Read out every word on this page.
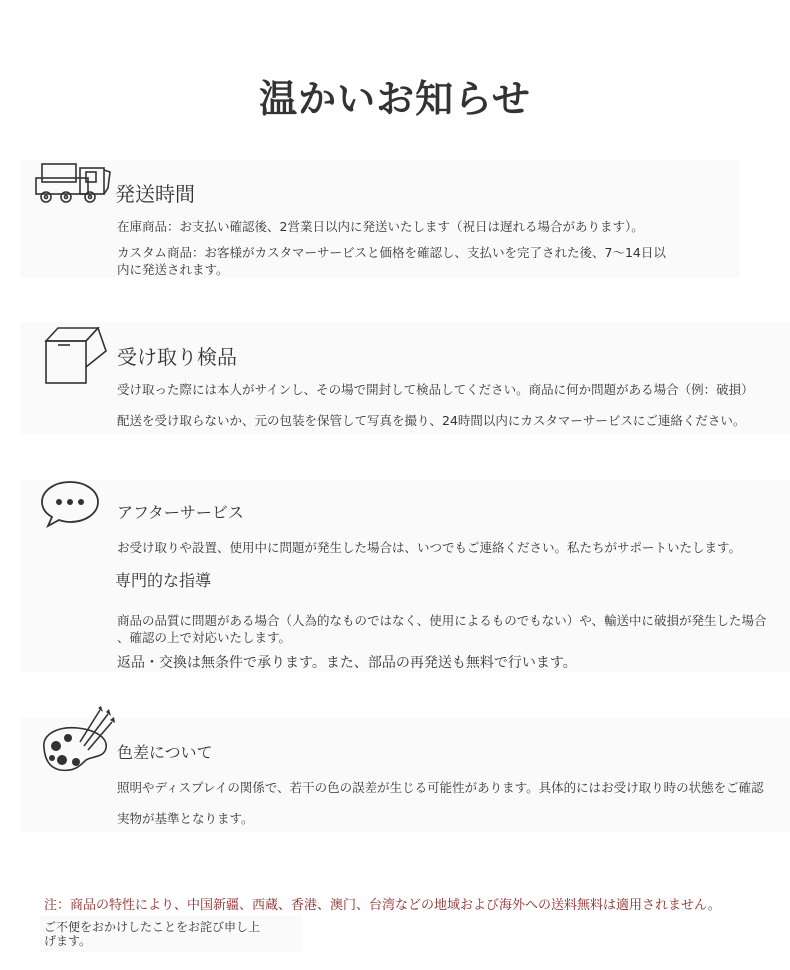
温かいお知らせ
発送時間
在庫商品：お支払い確認後、2営業日以内に発送いたします（祝日は遅れる場合があります）。
カスタム商品：お客様がカスタマーサービスと価格を確認し、支払いを完了された後、7〜14日以
内に発送されます。
受け取り検品
受け取った際には本人がサインし、その場で開封して検品してください。商品に何か問題がある場合（例：破損）
配送を受け取らないか、元の包装を保管して写真を撮り、24時間以内にカスタマーサービスにご連絡ください。
アフターサービス
お受け取りや設置、使用中に問題が発生した場合は、いつでもご連絡ください。私たちがサポートいたします。
専門的な指導
商品の品質に問題がある場合（人為的なものではなく、使用によるものでもない）や、輸送中に破損が発生した場合
、確認の上で対応いたします。
返品・交換は無条件で承ります。また、部品の再発送も無料で行います。
色差について
照明やディスプレイの関係で、若干の色の誤差が生じる可能性があります。具体的にはお受け取り時の状態をご確認
実物が基準となります。
注：商品の特性により、中国新疆、西蔵、香港、澳门、台湾などの地域および海外への送料無料は適用されません。
ご不便をおかけしたことをお詫び申し上
げます。
